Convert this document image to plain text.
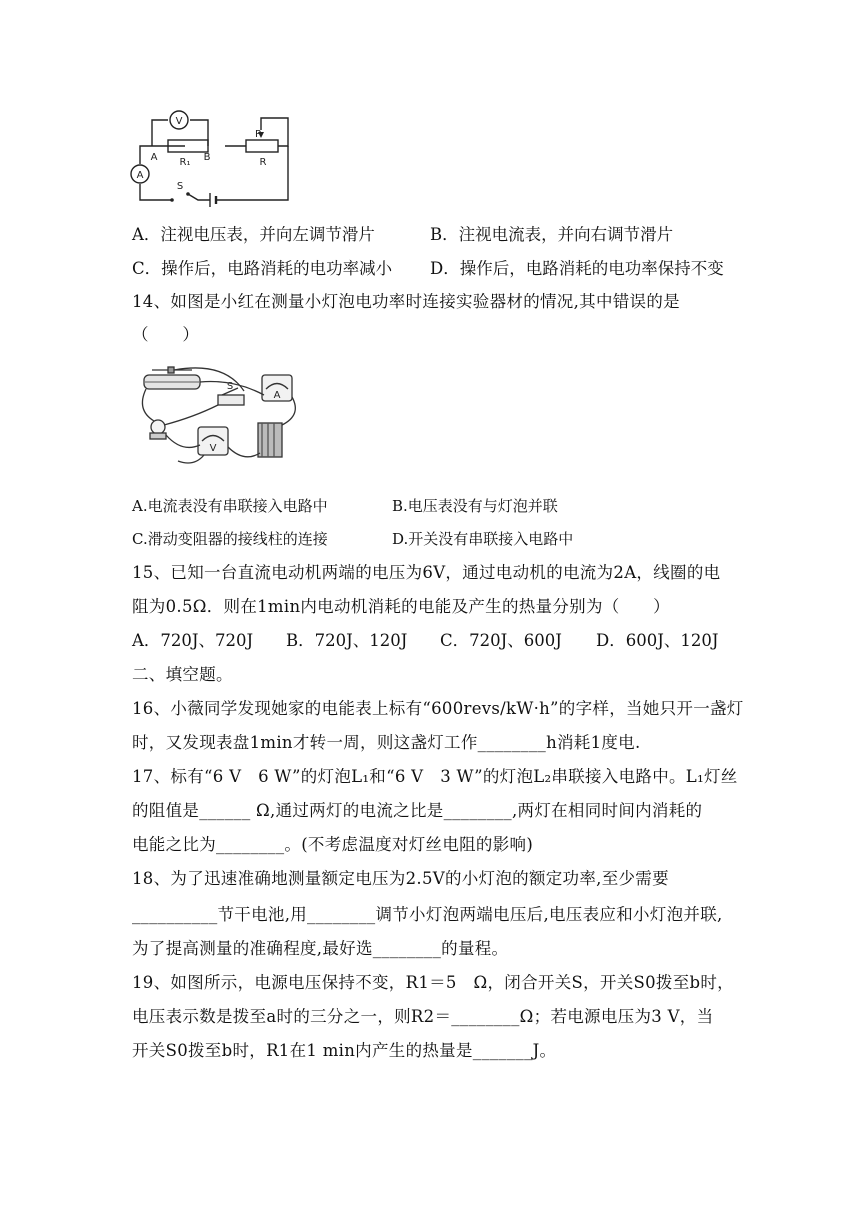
V
A
A	B
R₁
P
R
S
A．注视电压表，并向左调节滑片	B．注视电流表，并向右调节滑片
C．操作后，电路消耗的电功率减小 D．操作后，电路消耗的电功率保持不变
14、如图是小红在测量小灯泡电功率时连接实验器材的情况,其中错误的是
（　　）
S
A
V
A.电流表没有串联接入电路中	B.电压表没有与灯泡并联
C.滑动变阻器的接线柱的连接	D.开关没有串联接入电路中
15、已知一台直流电动机两端的电压为6V，通过电动机的电流为2A，线圈的电
阻为0.5Ω．则在1min内电动机消耗的电能及产生的热量分别为（　　）
A．720J、720J B．720J、120J C．720J、600J D．600J、120J
二、填空题。
16、小薇同学发现她家的电能表上标有“600revs/kW·h”的字样，当她只开一盏灯
时，又发现表盘1min才转一周，则这盏灯工作________h消耗1度电.
17、标有“6 V　6 W”的灯泡L₁和“6 V　3 W”的灯泡L₂串联接入电路中。L₁灯丝
的阻值是______ Ω,通过两灯的电流之比是________,两灯在相同时间内消耗的
电能之比为________。(不考虑温度对灯丝电阻的影响)
18、为了迅速准确地测量额定电压为2.5V的小灯泡的额定功率,至少需要
__________节干电池,用________调节小灯泡两端电压后,电压表应和小灯泡并联,
为了提高测量的准确程度,最好选________的量程。
19、如图所示，电源电压保持不变，R1＝5　Ω，闭合开关S，开关S0拨至b时，
电压表示数是拨至a时的三分之一，则R2＝________Ω；若电源电压为3 V，当
开关S0拨至b时，R1在1 min内产生的热量是_______J。
